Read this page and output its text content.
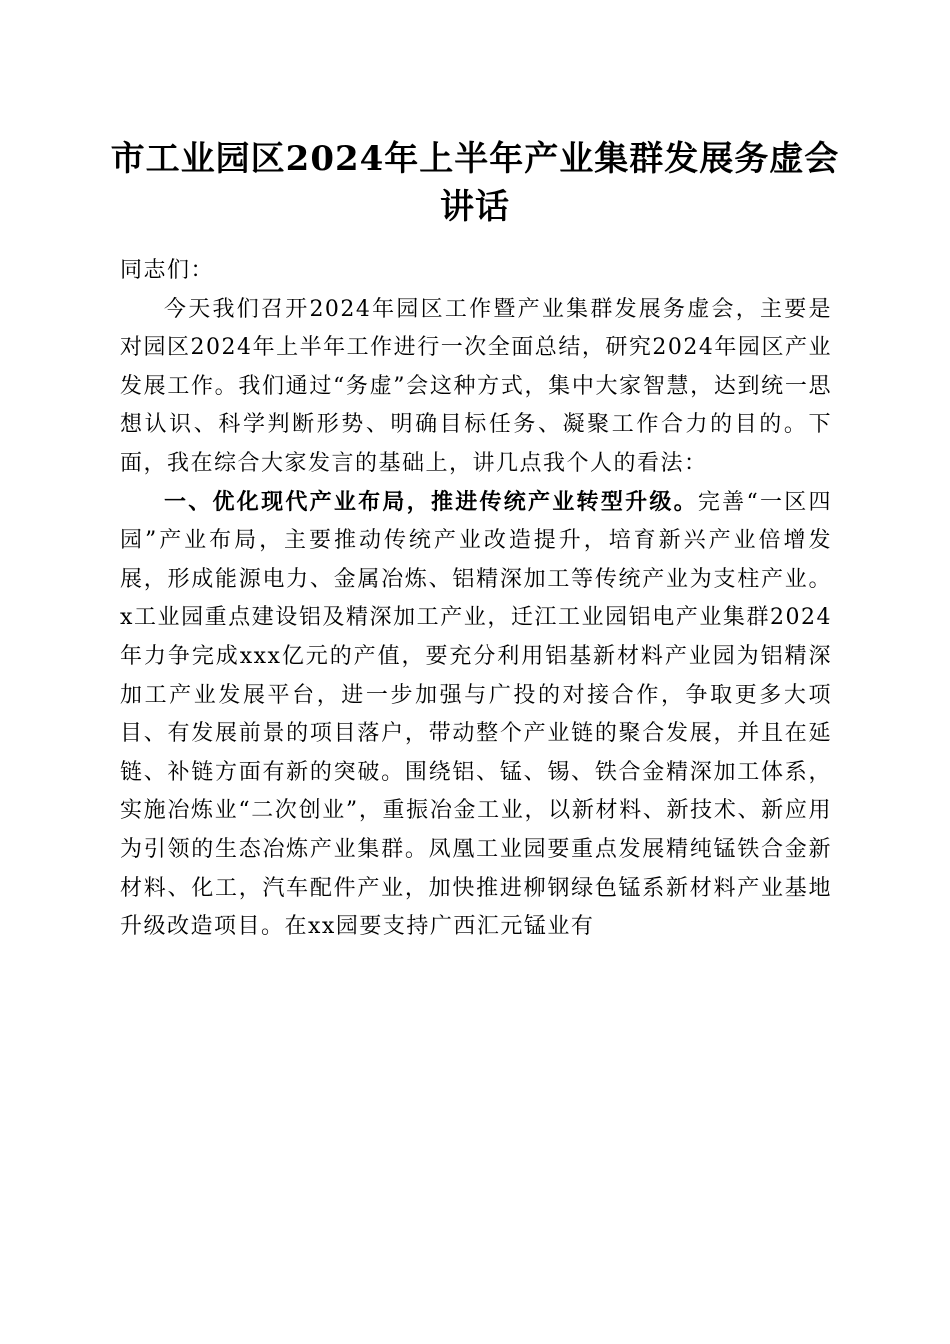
市工业园区2024年上半年产业集群发展务虚会讲话

同志们：

今天我们召开2024年园区工作暨产业集群发展务虚会，主要是对园区2024年上半年工作进行一次全面总结，研究2024年园区产业发展工作。我们通过“务虚”会这种方式，集中大家智慧，达到统一思想认识、科学判断形势、明确目标任务、凝聚工作合力的目的。下面，我在综合大家发言的基础上，讲几点我个人的看法：

一、优化现代产业布局，推进传统产业转型升级。完善“一区四园”产业布局，主要推动传统产业改造提升，培育新兴产业倍增发展，形成能源电力、金属冶炼、铝精深加工等传统产业为支柱产业。x工业园重点建设铝及精深加工产业，迁江工业园铝电产业集群2024年力争完成xxx亿元的产值，要充分利用铝基新材料产业园为铝精深加工产业发展平台，进一步加强与广投的对接合作，争取更多大项目、有发展前景的项目落户，带动整个产业链的聚合发展，并且在延链、补链方面有新的突破。围绕铝、锰、锡、铁合金精深加工体系，实施冶炼业“二次创业”，重振冶金工业，以新材料、新技术、新应用为引领的生态冶炼产业集群。凤凰工业园要重点发展精纯锰铁合金新材料、化工，汽车配件产业，加快推进柳钢绿色锰系新材料产业基地升级改造项目。在xx园要支持广西汇元锰业有
